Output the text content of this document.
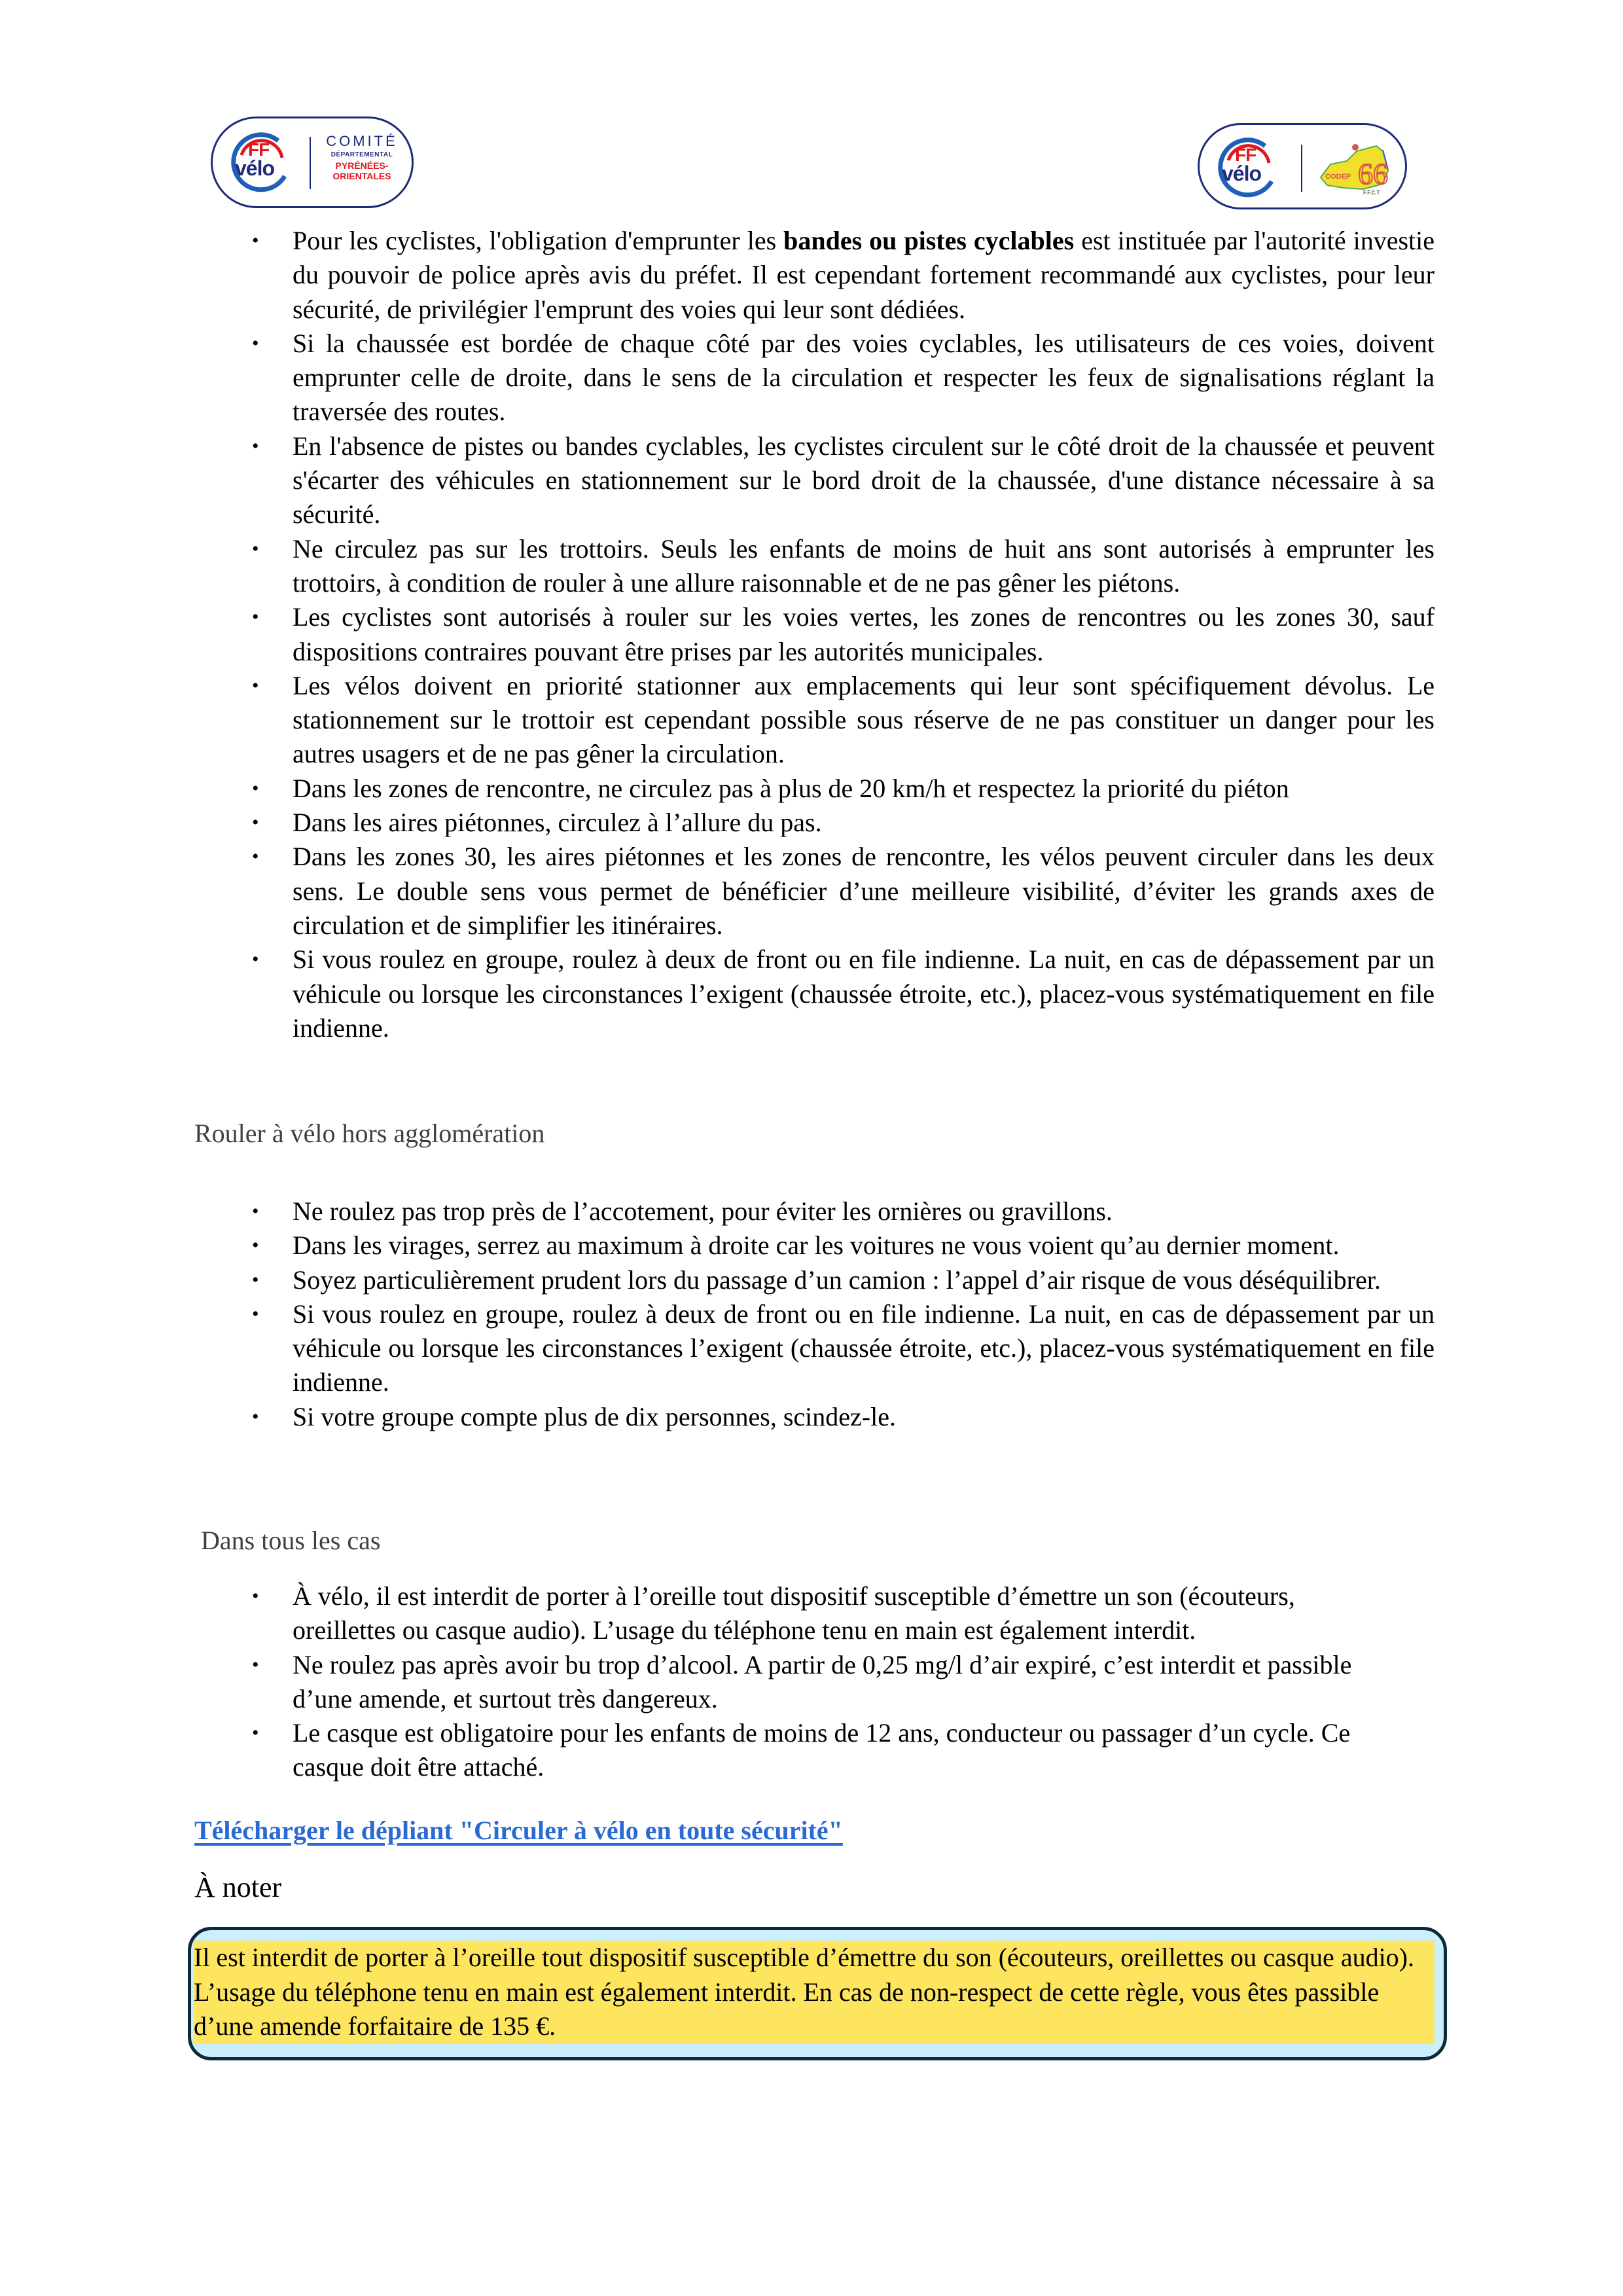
FF
vélo
COMITÉ
DÉPARTEMENTAL
PYRÉNÉES-
ORIENTALES
FF
vélo	CODEP 66
F.F.C.T
• Pour les cyclistes, l'obligation d'emprunter les bandes ou pistes cyclables est instituée par l'autorité investie du pouvoir de police après avis du préfet. Il est cependant fortement recommandé aux cyclistes, pour leur sécurité, de privilégier l'emprunt des voies qui leur sont dédiées.
• Si la chaussée est bordée de chaque côté par des voies cyclables, les utilisateurs de ces voies, doivent emprunter celle de droite, dans le sens de la circulation et respecter les feux de signalisations réglant la traversée des routes.
• En l'absence de pistes ou bandes cyclables, les cyclistes circulent sur le côté droit de la chaussée et peuvent s'écarter des véhicules en stationnement sur le bord droit de la chaussée, d'une distance nécessaire à sa sécurité.
• Ne circulez pas sur les trottoirs. Seuls les enfants de moins de huit ans sont autorisés à emprunter les trottoirs, à condition de rouler à une allure raisonnable et de ne pas gêner les piétons.
• Les cyclistes sont autorisés à rouler sur les voies vertes, les zones de rencontres ou les zones 30, sauf dispositions contraires pouvant être prises par les autorités municipales.
• Les vélos doivent en priorité stationner aux emplacements qui leur sont spécifiquement dévolus. Le stationnement sur le trottoir est cependant possible sous réserve de ne pas constituer un danger pour les autres usagers et de ne pas gêner la circulation.
• Dans les zones de rencontre, ne circulez pas à plus de 20 km/h et respectez la priorité du piéton
• Dans les aires piétonnes, circulez à l’allure du pas.
• Dans les zones 30, les aires piétonnes et les zones de rencontre, les vélos peuvent circuler dans les deux sens. Le double sens vous permet de bénéficier d’une meilleure visibilité, d’éviter les grands axes de circulation et de simplifier les itinéraires.
• Si vous roulez en groupe, roulez à deux de front ou en file indienne. La nuit, en cas de dépassement par un véhicule ou lorsque les circonstances l’exigent (chaussée étroite, etc.), placez-vous systématiquement en file indienne.
Rouler à vélo hors agglomération
• Ne roulez pas trop près de l’accotement, pour éviter les ornières ou gravillons.
• Dans les virages, serrez au maximum à droite car les voitures ne vous voient qu’au dernier moment.
• Soyez particulièrement prudent lors du passage d’un camion : l’appel d’air risque de vous déséquilibrer.
• Si vous roulez en groupe, roulez à deux de front ou en file indienne. La nuit, en cas de dépassement par un véhicule ou lorsque les circonstances l’exigent (chaussée étroite, etc.), placez-vous systématiquement en file indienne.
• Si votre groupe compte plus de dix personnes, scindez-le.
Dans tous les cas
• À vélo, il est interdit de porter à l’oreille tout dispositif susceptible d’émettre un son (écouteurs, oreillettes ou casque audio). L’usage du téléphone tenu en main est également interdit.
• Ne roulez pas après avoir bu trop d’alcool. A partir de 0,25 mg/l d’air expiré, c’est interdit et passible d’une amende, et surtout très dangereux.
• Le casque est obligatoire pour les enfants de moins de 12 ans, conducteur ou passager d’un cycle. Ce casque doit être attaché.
Télécharger le dépliant "Circuler à vélo en toute sécurité"
À noter
Il est interdit de porter à l’oreille tout dispositif susceptible d’émettre du son (écouteurs, oreillettes ou casque audio). L’usage du téléphone tenu en main est également interdit. En cas de non-respect de cette règle, vous êtes passible d’une amende forfaitaire de 135 €.
